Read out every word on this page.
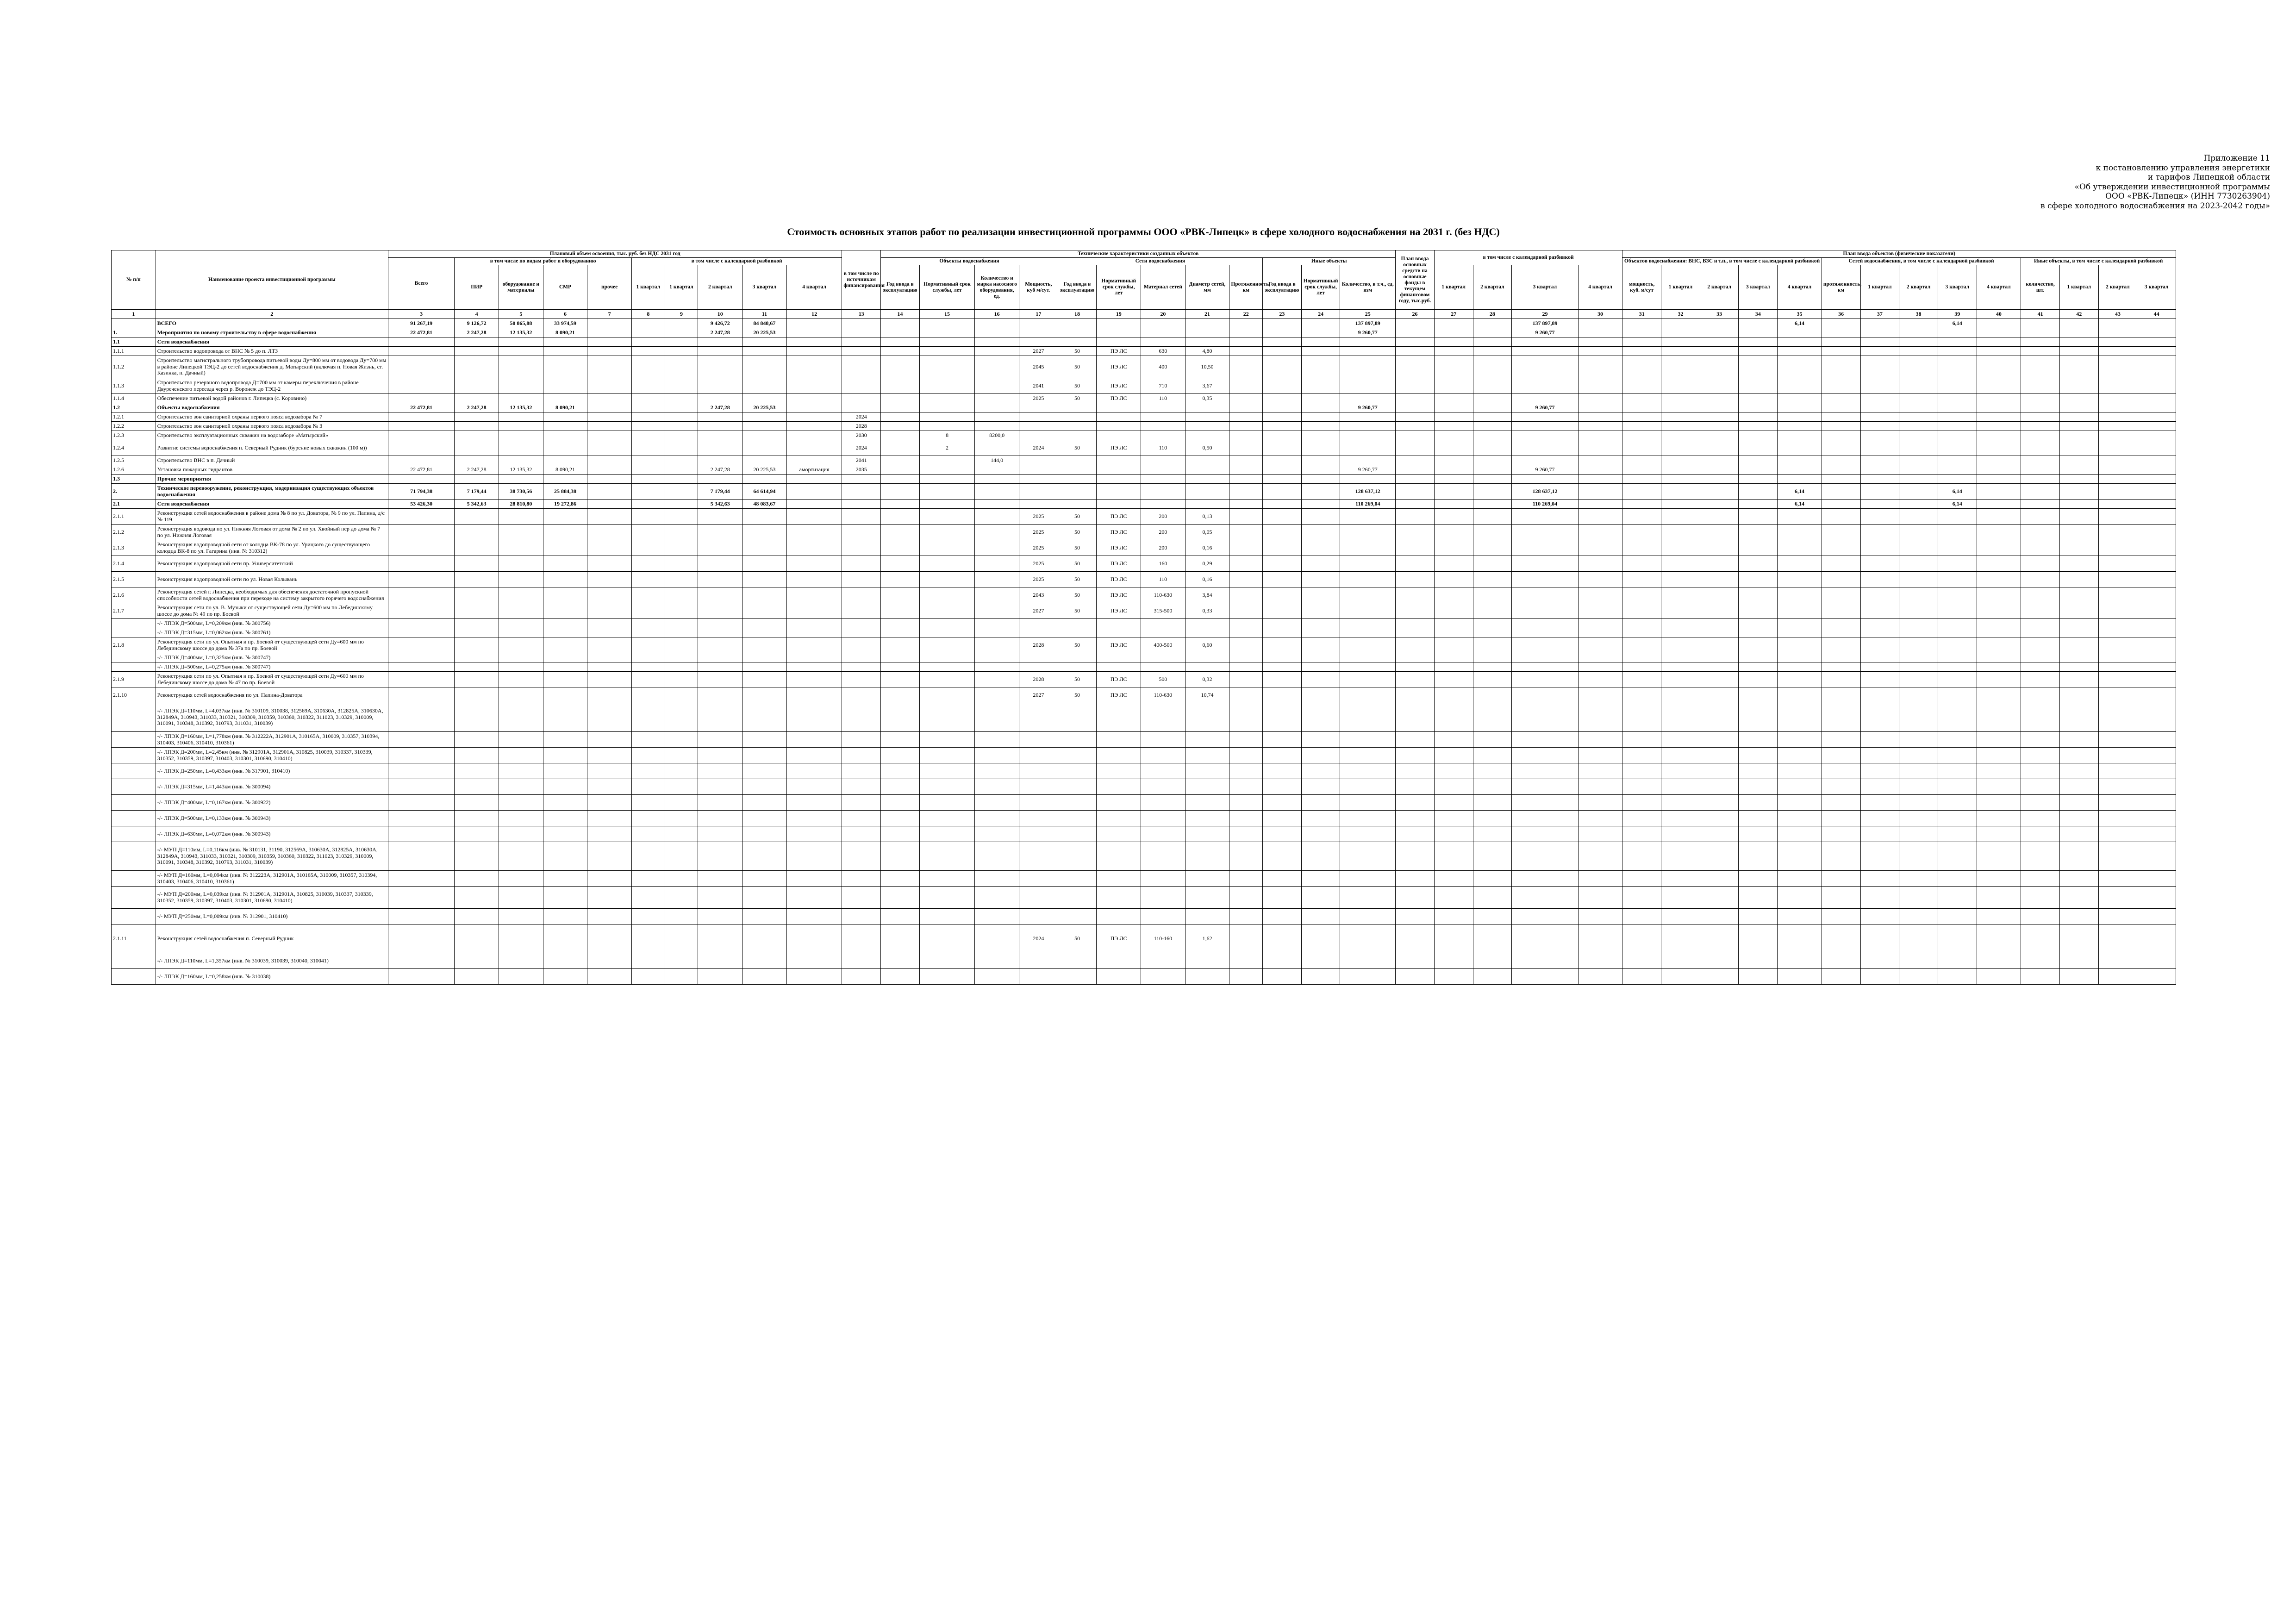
Приложение 11
к постановлению управления энергетики
и тарифов Липецкой области
«Об утверждении инвестиционной программы
ООО «РВК-Липецк» (ИНН 7730263904)
в сфере холодного водоснабжения на 2023-2042 годы»
Стоимость основных этапов работ по реализации инвестиционной программы ООО «РВК-Липецк» в сфере холодного водоснабжения на 2031 г. (без НДС)
№ п/п	Наименование проекта инвестиционной программы	Плановый объем освоения, тыс. руб. без НДС 2031 год										в том числе по источникам финансирования	Технические характеристики созданных объектов												План ввода основных средств на основные фонды в текущем финансовом году, тыс.руб.	в том числе с календарной разбивкой				План ввода объектов (физические показатели)														
		Всего	в том числе по видам работ и оборудованию				в том числе с календарной разбивкой						Объекты водоснабжения				Сети водоснабжения					Иные объекты								Объектов водоснабжения: ВНС, ВЗС и т.п., в том числе с календарной разбивкой					Сетей водоснабжения, в том числе с календарной разбивкой					Иные объекты, в том числе с календарной разбивкой				
			ПИР	оборудование и материалы	СМР	прочее	1 квартал	1 квартал	2 квартал	3 квартал	4 квартал		Год ввода в эксплуатацию	Нормативный срок службы, лет	Количество и марка насосного оборудования, ед.	Мощность, куб м/сут.	Год ввода в эксплуатацию	Нормативный срок службы, лет	Материал сетей	Диаметр сетей, мм	Протяженность, км	Год ввода в эксплуатацию	Нормативный срок службы, лет	Количество, в т.ч., ед. изм		1 квартал	2 квартал	3 квартал	4 квартал	мощность, куб. м/сут	1 квартал	2 квартал	3 квартал	4 квартал	протяженность, км	1 квартал	2 квартал	3 квартал	4 квартал	количество, шт.	1 квартал	2 квартал	3 квартал	
1	2	3	4	5	6	7	8	9	10	11	12	13	14	15	16	17	18	19	20	21	22	23	24	25	26	27	28	29	30	31	32	33	34	35	36	37	38	39	40	41	42	43	44	
	ВСЕГО	91 267,19	9 126,72	50 865,88	33 974,59				9 426,72	84 848,67														137 897,89				137 897,89						6,14				6,14						
1.	Мероприятия по новому строительству в сфере водоснабжения	22 472,81	2 247,28	12 135,32	8 090,21				2 247,28	20 225,53														9 260,77				9 260,77																
1.1	Сети водоснабжения																																											
1.1.1	Строительство водопровода от ВНС № 5 до п. ЛТЗ															2027	50	ПЭ ЛС	630	4,80																								
1.1.2	Строительство магистрального трубопровода питьевой воды Ду=800 мм от водовода Ду=700 мм в районе Липецкой ТЭЦ-2 до сетей водоснабжения д. Матырский (включая п. Новая Жизнь, ст. Казинка, п. Дачный)															2045	50	ПЭ ЛС	400	10,50																								
1.1.3	Строительство резервного водопровода Д=700 мм от камеры переключения в районе Двуреченского переезда через р. Воронеж до ТЭЦ-2															2041	50	ПЭ ЛС	710	3,67																								
1.1.4	Обеспечение питьевой водой районов г. Липецка (с. Коровино)															2025	50	ПЭ ЛС	110	0,35																								
1.2	Объекты водоснабжения	22 472,81	2 247,28	12 135,32	8 090,21				2 247,28	20 225,53														9 260,77				9 260,77																
1.2.1	Строительство зон санитарной охраны первого пояса водозабора № 7											2024																																
1.2.2	Строительство зон санитарной охраны первого пояса водозабора № 3											2028																																
1.2.3	Строительство эксплуатационных скважин на водозаборе «Матырский»											2030		8	8200,0																													
1.2.4	Развитие системы водоснабжения п. Северный Рудник (бурение новых скважин (100 м))											2024		2		2024	50	ПЭ ЛС	110	0,50																								
1.2.5	Строительство ВНС в п. Дачный											2041			144,0																													
1.2.6	Установка пожарных гидрантов	22 472,81	2 247,28	12 135,32	8 090,21				2 247,28	20 225,53	амортизация	2035												9 260,77				9 260,77																
1.3	Прочие мероприятия																																											
2.	Техническое перевооружение, реконструкция, модернизация существующих объектов водоснабжения	71 794,38	7 179,44	38 730,56	25 884,38				7 179,44	64 614,94														128 637,12				128 637,12						6,14				6,14						
2.1	Сети водоснабжения	53 426,30	5 342,63	28 810,80	19 272,86				5 342,63	48 083,67														110 269,04				110 269,04						6,14				6,14						
2.1.1	Реконструкция сетей водоснабжения в районе дома № 8 по ул. Доватора, № 9 по ул. Папина, д/с № 119															2025	50	ПЭ ЛС	200	0,13																								
2.1.2	Реконструкция водовода по ул. Нижняя Логовая от дома № 2 по ул. Хвойный пер до дома № 7 по ул. Нижняя Логовая															2025	50	ПЭ ЛС	200	0,05																								
2.1.3	Реконструкция водопроводной сети от колодца ВК-78 по ул. Урицкого до существующего колодца ВК-8 по ул. Гагарина (инв. № 310312)															2025	50	ПЭ ЛС	200	0,16																								
2.1.4	Реконструкция водопроводной сети пр. Университетский															2025	50	ПЭ ЛС	160	0,29																								
2.1.5	Реконструкция водопроводной сети по ул. Новая Колывань															2025	50	ПЭ ЛС	110	0,16																								
2.1.6	Реконструкция сетей г. Липецка, необходимых для обеспечения достаточной пропускной способности сетей водоснабжения при переходе на систему закрытого горячего водоснабжения															2043	50	ПЭ ЛС	110-630	3,84																								
2.1.7	Реконструкция сети по ул. В. Музыки от существующей сети Ду=600 мм по Лебединскому шоссе до дома № 49 по пр. Боевой															2027	50	ПЭ ЛС	315-500	0,33																								
	-/- ЛПЭК Д=500мм, L=0,209км (инв. № 300756)																																											
	-/- ЛПЭК Д=315мм, L=0,062км (инв. № 300761)																																											
2.1.8	Реконструкция сети по ул. Опытная и пр. Боевой от существующей сети Ду=600 мм по Лебединскому шоссе до дома № 37а по пр. Боевой															2028	50	ПЭ ЛС	400-500	0,60																								
	-/- ЛПЭК Д=400мм, L=0,325км (инв. № 300747)																																											
	-/- ЛПЭК Д=500мм, L=0,275км (инв. № 300747)																																											
2.1.9	Реконструкция сети по ул. Опытная и пр. Боевой от существующей сети Ду=600 мм по Лебединскому шоссе до дома № 47 по пр. Боевой															2028	50	ПЭ ЛС	500	0,32																								
2.1.10	Реконструкция сетей водоснабжения по ул. Папина-Доватора															2027	50	ПЭ ЛС	110-630	10,74																								
	-/- ЛПЭК Д=110мм, L=4,037км (инв. № 310109, 310038, 312569А, 310630А, 312825А, 310630А, 312849А, 310943, 311033, 310321, 310309, 310359, 310360, 310322, 311023, 310329, 310009, 310091, 310348, 310392, 310793, 311031, 310039)																																											
	-/- ЛПЭК Д=160мм, L=1,778км (инв. № 312222А, 312901А, 310165А, 310009, 310357, 310394, 310403, 310406, 310410, 310361)																																											
	-/- ЛПЭК Д=200мм, L=2,45км (инв. № 312901А, 312901А, 310825, 310039, 310337, 310339, 310352, 310359, 310397, 310403, 310301, 310690, 310410)																																											
	-/- ЛПЭК Д=250мм, L=0,433км (инв. № 317901, 310410)																																											
	-/- ЛПЭК Д=315мм, L=1,443км (инв. № 300094)																																											
	-/- ЛПЭК Д=400мм, L=0,167км (инв. № 300922)																																											
	-/- ЛПЭК Д=500мм, L=0,133км (инв. № 300943)																																											
	-/- ЛПЭК Д=630мм, L=0,072км (инв. № 300943)																																											
	-/- МУП Д=110мм, L=0,116км (инв. № 310131, 31190, 312569А, 310630А, 312825А, 310630А, 312849А, 310943, 311033, 310321, 310309, 310359, 310360, 310322, 311023, 310329, 310009, 310091, 310348, 310392, 310793, 311031, 310039)																																											
	-/- МУП Д=160мм, L=0,094км (инв. № 312223А, 312901А, 310165А, 310009, 310357, 310394, 310403, 310406, 310410, 310361)																																											
	-/- МУП Д=200мм, L=0,039км (инв. № 312901А, 312901А, 310825, 310039, 310337, 310339, 310352, 310359, 310397, 310403, 310301, 310690, 310410)																																											
	-/- МУП Д=250мм, L=0,009км (инв. № 312901, 310410)																																											
2.1.11	Реконструкция сетей водоснабжения п. Северный Рудник															2024	50	ПЭ ЛС	110-160	1,62																								
	-/- ЛПЭК Д=110мм, L=1,357км (инв. № 310039, 310039, 310040, 310041)																																											
	-/- ЛПЭК Д=160мм, L=0,258км (инв. № 310038)																																											
